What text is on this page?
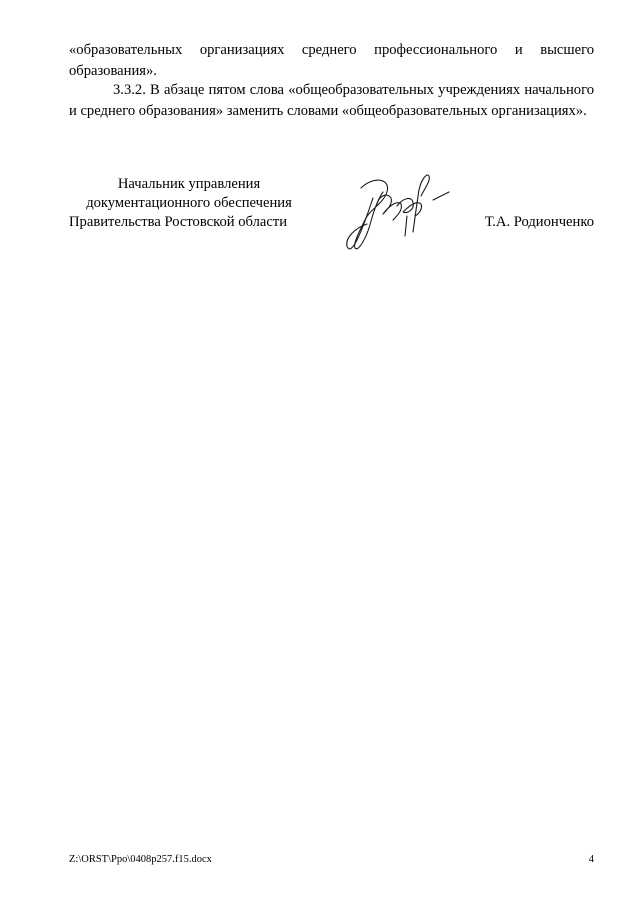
«образовательных организациях среднего профессионального и высшего образования».

3.3.2. В абзаце пятом слова «общеобразовательных учреждениях начального и среднего образования» заменить словами «общеобразовательных организациях».

Начальник управления
документационного обеспечения
Правительства Ростовской области	Т.А. Родионченко
Z:\ORST\Ppo\0408p257.f15.docx	4
